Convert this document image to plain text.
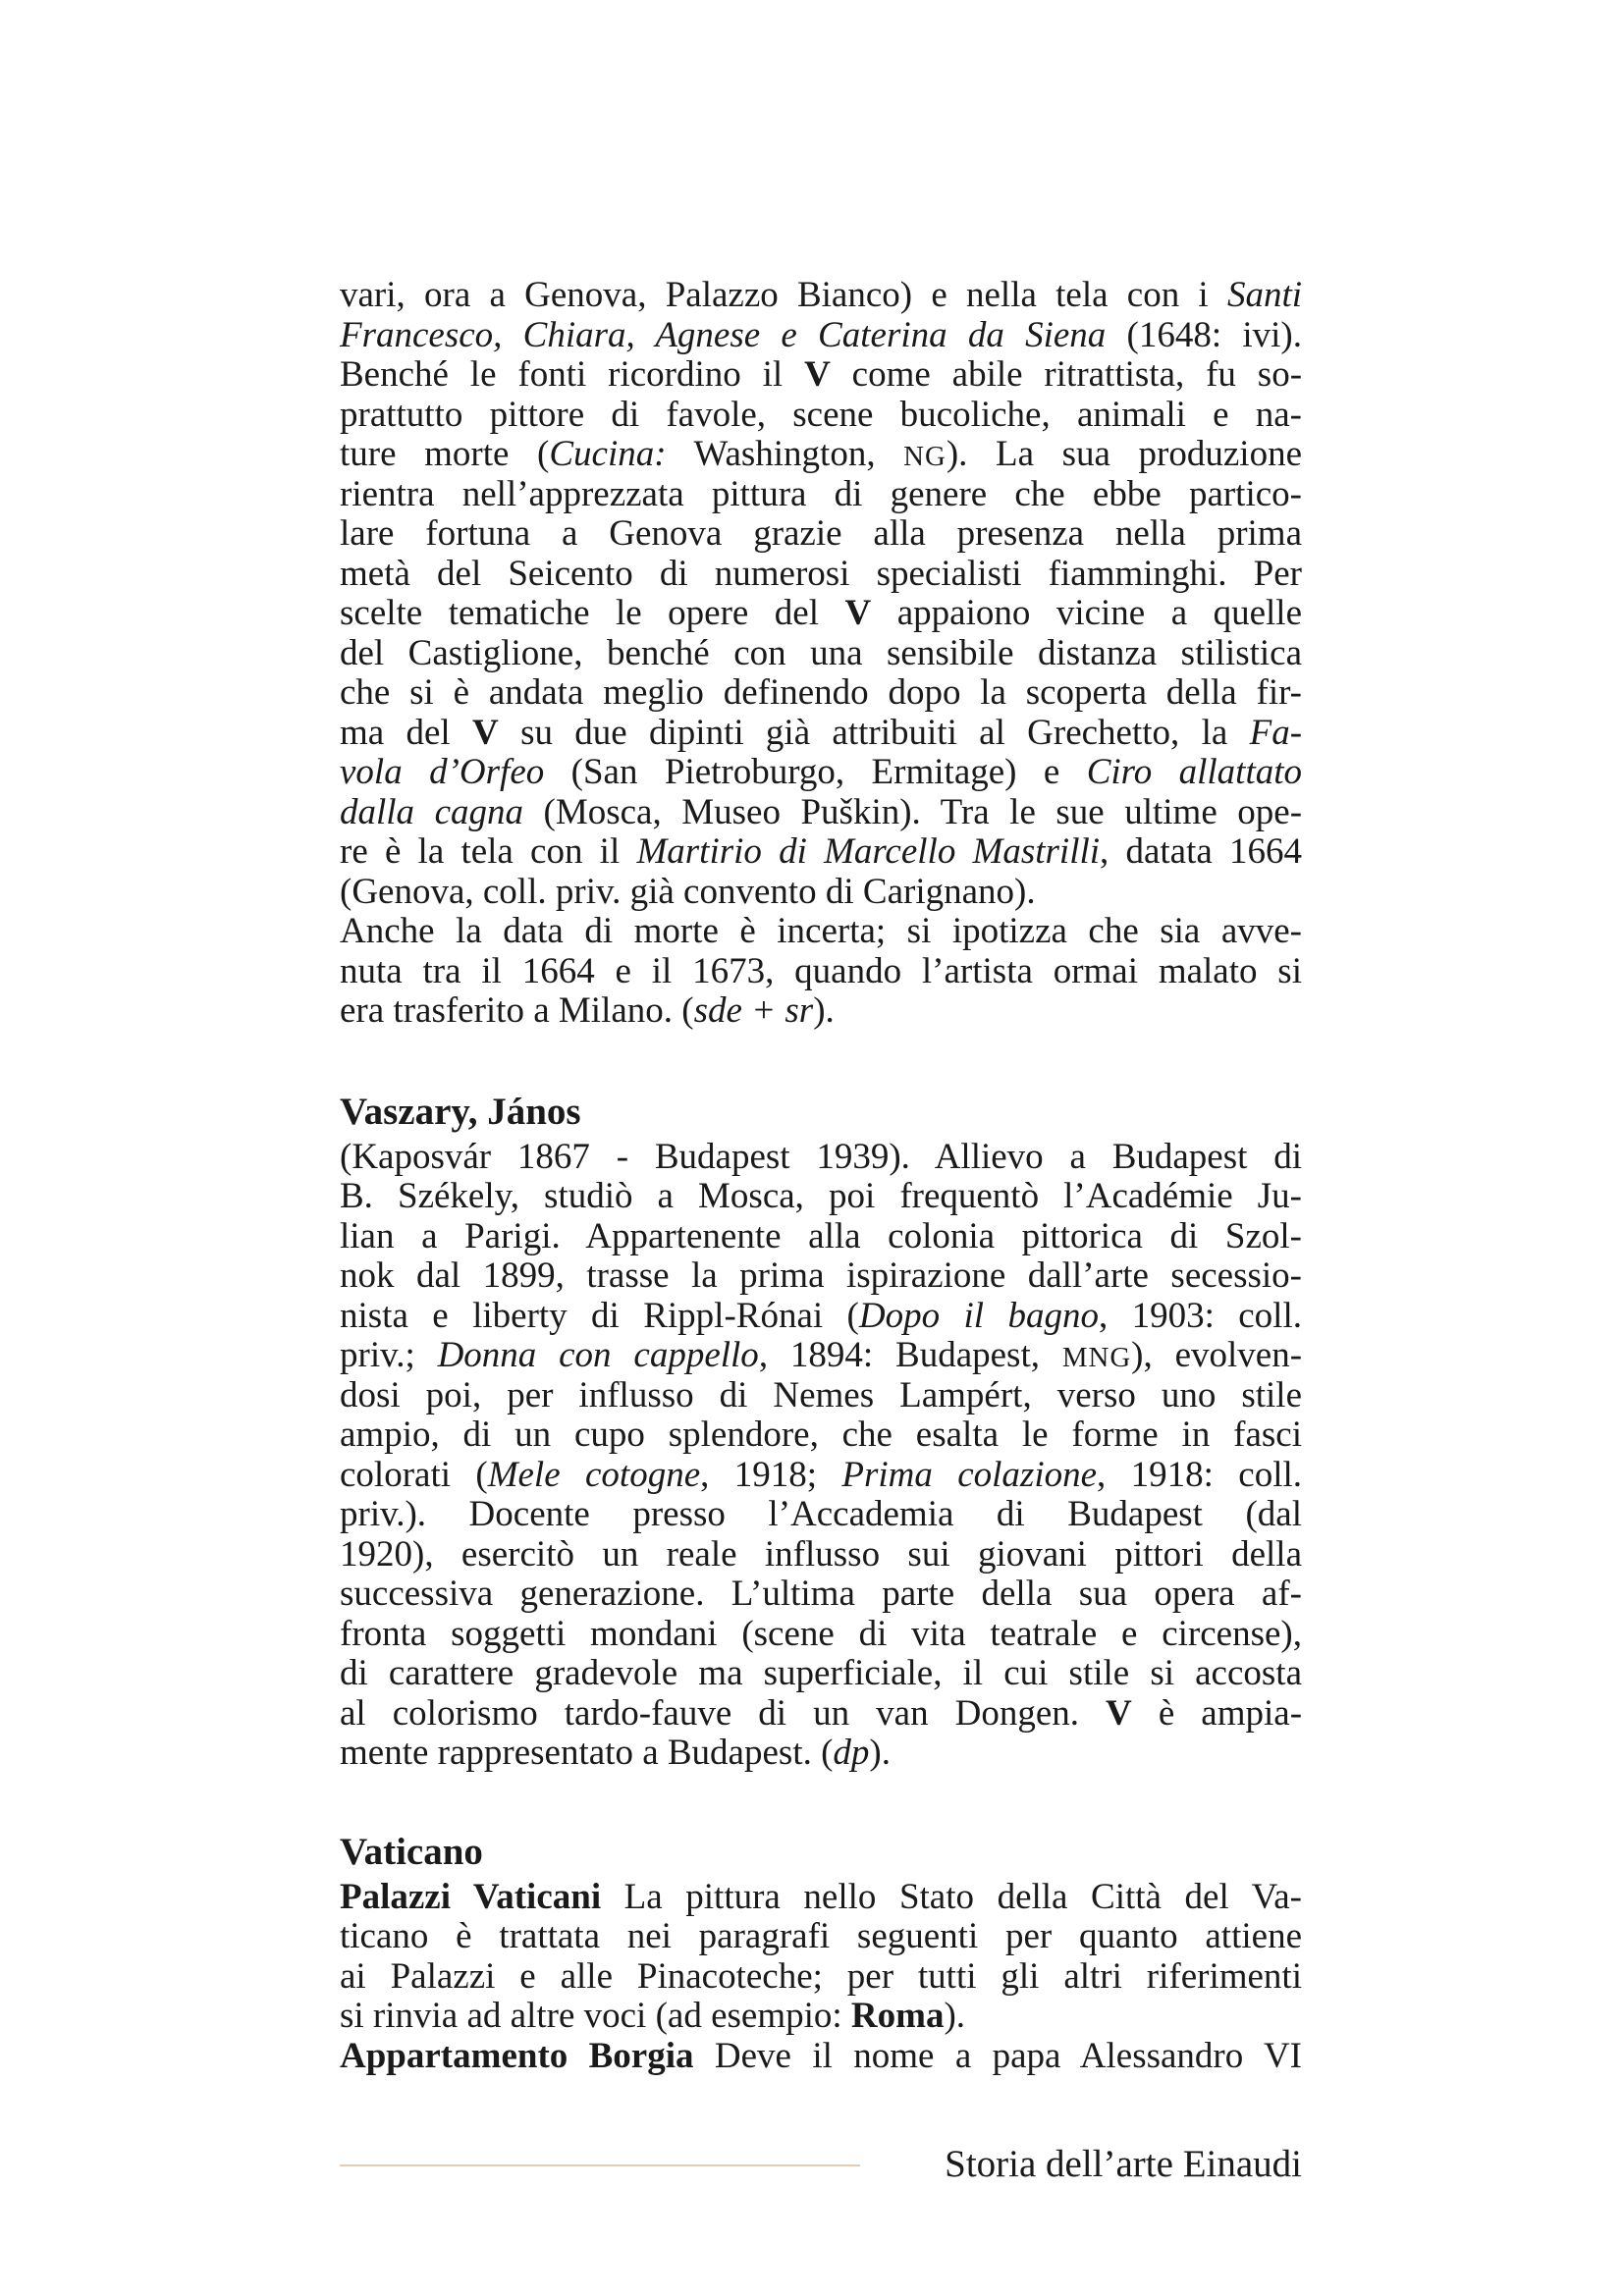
vari, ora a Genova, Palazzo Bianco) e nella tela con i Santi
Francesco, Chiara, Agnese e Caterina da Siena (1648: ivi).
Benché le fonti ricordino il V come abile ritrattista, fu so-
prattutto pittore di favole, scene bucoliche, animali e na-
ture morte (Cucina: Washington, NG). La sua produzione
rientra nell’apprezzata pittura di genere che ebbe partico-
lare fortuna a Genova grazie alla presenza nella prima
metà del Seicento di numerosi specialisti fiamminghi. Per
scelte tematiche le opere del V appaiono vicine a quelle
del Castiglione, benché con una sensibile distanza stilistica
che si è andata meglio definendo dopo la scoperta della fir-
ma del V su due dipinti già attribuiti al Grechetto, la Fa-
vola d’Orfeo (San Pietroburgo, Ermitage) e Ciro allattato
dalla cagna (Mosca, Museo Puškin). Tra le sue ultime ope-
re è la tela con il Martirio di Marcello Mastrilli, datata 1664
(Genova, coll. priv. già convento di Carignano).
Anche la data di morte è incerta; si ipotizza che sia avve-
nuta tra il 1664 e il 1673, quando l’artista ormai malato si
era trasferito a Milano. (sde + sr).
Vaszary, János
(Kaposvár 1867 - Budapest 1939). Allievo a Budapest di
B. Székely, studiò a Mosca, poi frequentò l’Académie Ju-
lian a Parigi. Appartenente alla colonia pittorica di Szol-
nok dal 1899, trasse la prima ispirazione dall’arte secessio-
nista e liberty di Rippl-Rónai (Dopo il bagno, 1903: coll.
priv.; Donna con cappello, 1894: Budapest, MNG), evolven-
dosi poi, per influsso di Nemes Lampért, verso uno stile
ampio, di un cupo splendore, che esalta le forme in fasci
colorati (Mele cotogne, 1918; Prima colazione, 1918: coll.
priv.). Docente presso l’Accademia di Budapest (dal
1920), esercitò un reale influsso sui giovani pittori della
successiva generazione. L’ultima parte della sua opera af-
fronta soggetti mondani (scene di vita teatrale e circense),
di carattere gradevole ma superficiale, il cui stile si accosta
al colorismo tardo-fauve di un van Dongen. V è ampia-
mente rappresentato a Budapest. (dp).
Vaticano
Palazzi Vaticani La pittura nello Stato della Città del Va-
ticano è trattata nei paragrafi seguenti per quanto attiene
ai Palazzi e alle Pinacoteche; per tutti gli altri riferimenti
si rinvia ad altre voci (ad esempio: Roma).
Appartamento Borgia Deve il nome a papa Alessandro VI
Storia dell’arte Einaudi
